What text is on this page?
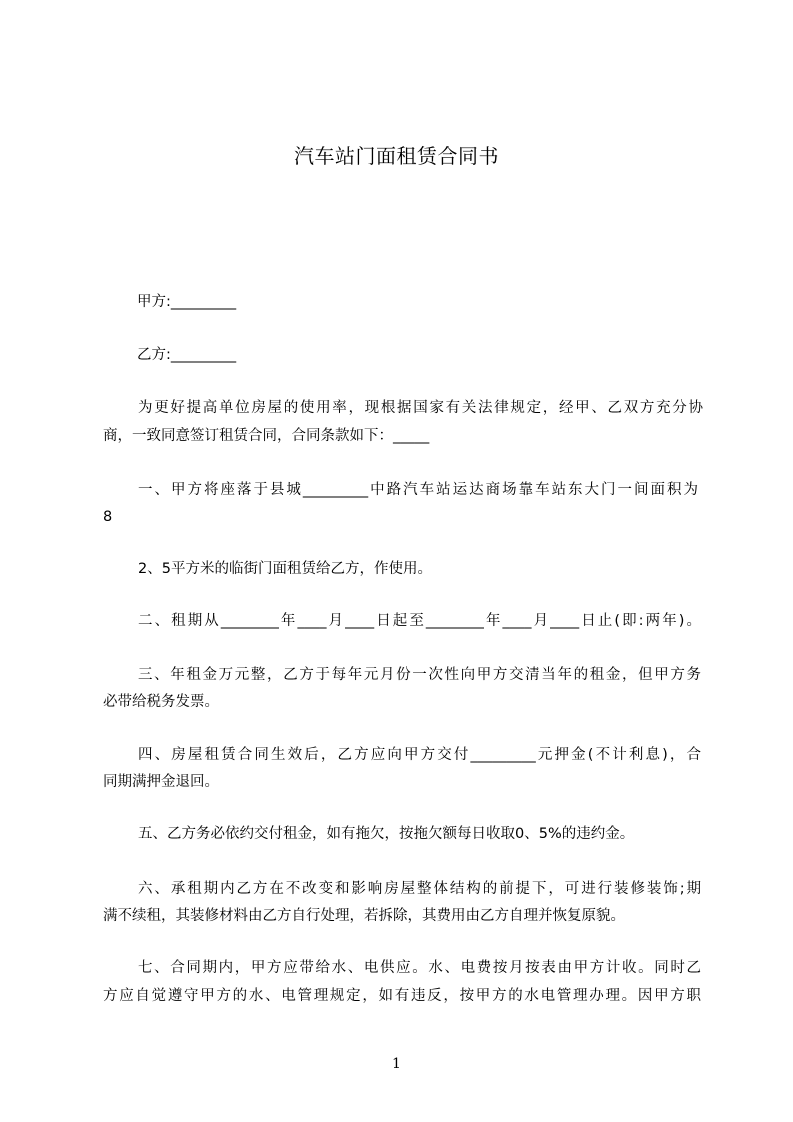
汽车站门面租赁合同书
甲方:_________
乙方:_________
为更好提高单位房屋的使用率，现根据国家有关法律规定，经甲、乙双方充分协
商，一致同意签订租赁合同，合同条款如下：_____
一、甲方将座落于县城_________中路汽车站运达商场靠车站东大门一间面积为
8
2、5平方米的临街门面租赁给乙方，作使用。
二、租期从________年____月____日起至________年____月____日止(即:两年)。
三、年租金万元整，乙方于每年元月份一次性向甲方交清当年的租金，但甲方务
必带给税务发票。
四、房屋租赁合同生效后，乙方应向甲方交付_________元押金(不计利息)，合
同期满押金退回。
五、乙方务必依约交付租金，如有拖欠，按拖欠额每日收取0、5%的违约金。
六、承租期内乙方在不改变和影响房屋整体结构的前提下，可进行装修装饰;期
满不续租，其装修材料由乙方自行处理，若拆除，其费用由乙方自理并恢复原貌。
七、合同期内，甲方应带给水、电供应。水、电费按月按表由甲方计收。同时乙
方应自觉遵守甲方的水、电管理规定，如有违反，按甲方的水电管理办理。因甲方职
1
